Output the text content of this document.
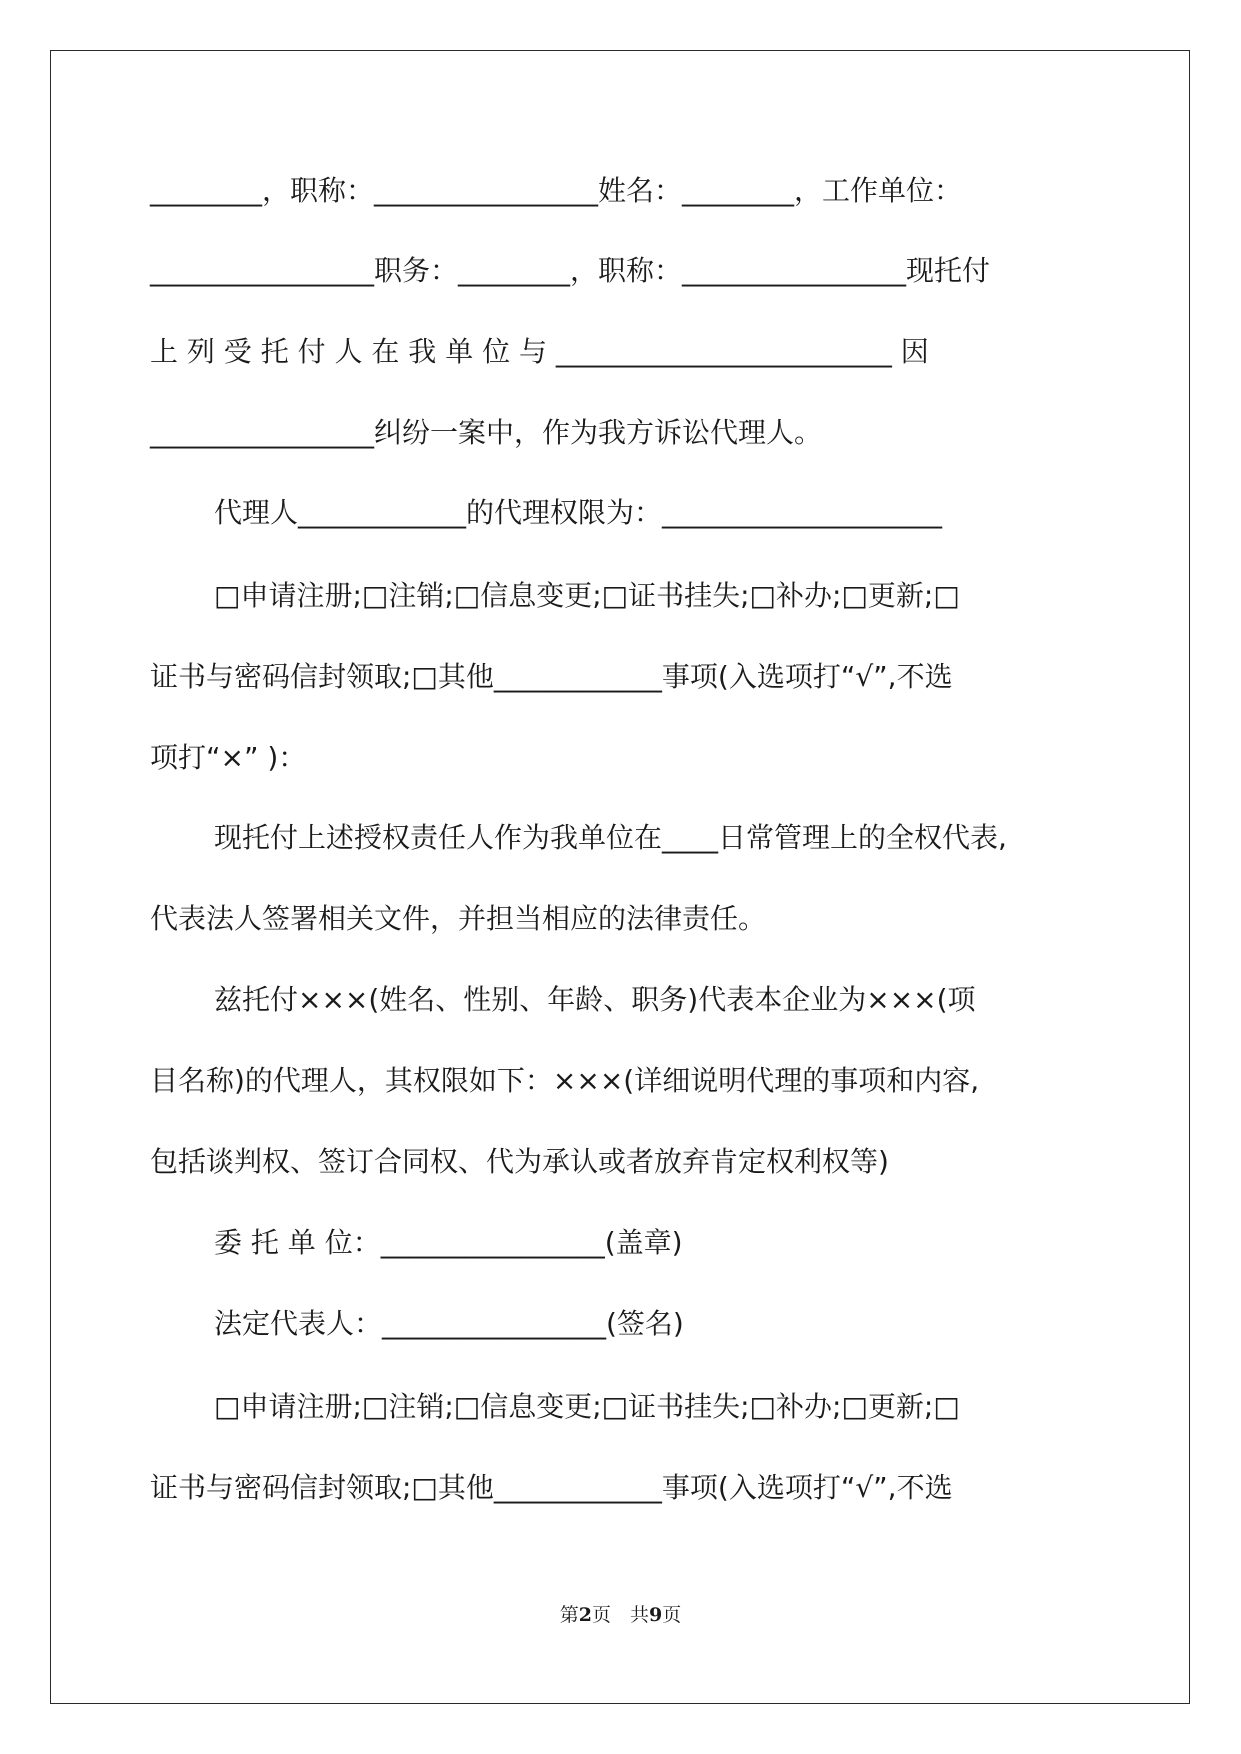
________，职称：________________姓名：________，工作单位：
________________职务：________，职称：________________现托付
上 列 受 托 付 人 在 我 单 位 与 ________________________ 因
________________纠纷一案中，作为我方诉讼代理人。
代理人____________的代理权限为：____________________
□申请注册;□注销;□信息变更;□证书挂失;□补办;□更新;□
证书与密码信封领取;□其他____________事项(入选项打“√”,不选
项打“×” )：
现托付上述授权责任人作为我单位在____日常管理上的全权代表,
代表法人签署相关文件，并担当相应的法律责任。
兹托付×××(姓名、性别、年龄、职务)代表本企业为×××(项
目名称)的代理人，其权限如下：×××(详细说明代理的事项和内容,
包括谈判权、签订合同权、代为承认或者放弃肯定权利权等)
委 托 单 位：________________(盖章)
法定代表人：________________(签名)
□申请注册;□注销;□信息变更;□证书挂失;□补办;□更新;□
证书与密码信封领取;□其他____________事项(入选项打“√”,不选
第2页　共9页
